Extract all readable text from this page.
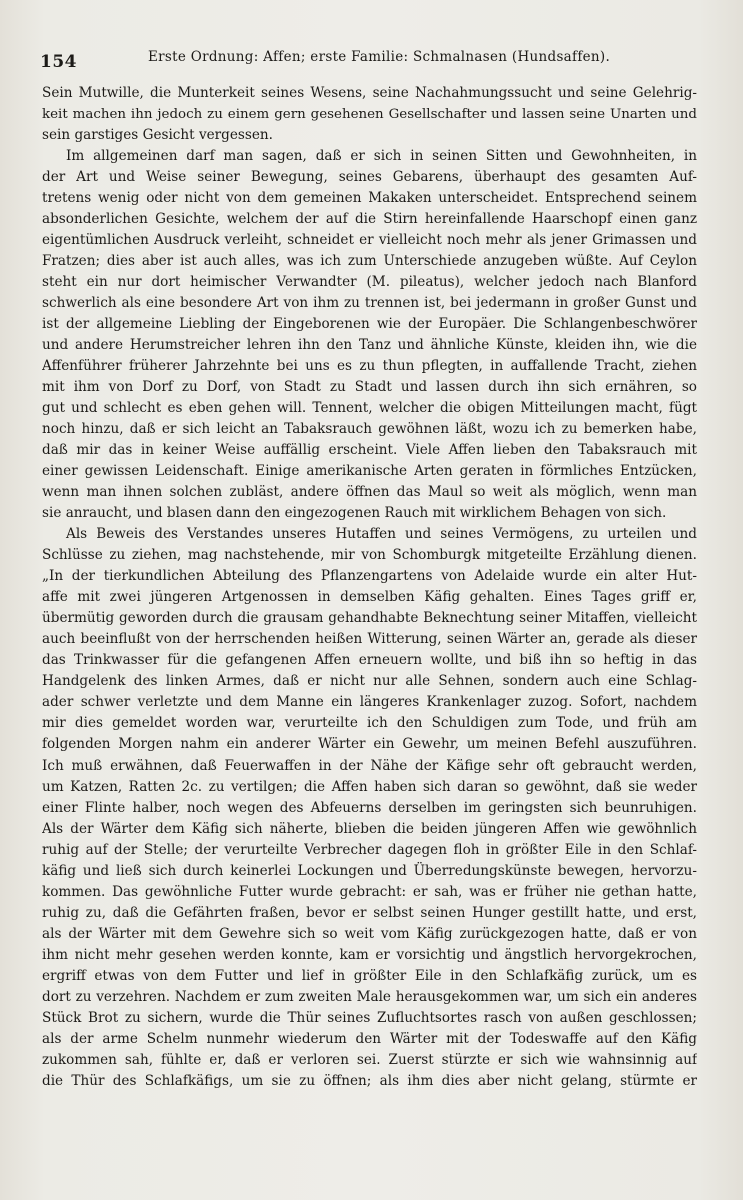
154	Erste Ordnung: Affen; erste Familie: Schmalnasen (Hundsaffen).
Sein Mutwille, die Munterkeit seines Wesens, seine Nachahmungssucht und seine Gelehrig-
keit machen ihn jedoch zu einem gern gesehenen Gesellschafter und lassen seine Unarten und
sein garstiges Gesicht vergessen.
Im allgemeinen darf man sagen, daß er sich in seinen Sitten und Gewohnheiten, in
der Art und Weise seiner Bewegung, seines Gebarens, überhaupt des gesamten Auf-
tretens wenig oder nicht von dem gemeinen Makaken unterscheidet. Entsprechend seinem
absonderlichen Gesichte, welchem der auf die Stirn hereinfallende Haarschopf einen ganz
eigentümlichen Ausdruck verleiht, schneidet er vielleicht noch mehr als jener Grimassen und
Fratzen; dies aber ist auch alles, was ich zum Unterschiede anzugeben wüßte. Auf Ceylon
steht ein nur dort heimischer Verwandter (M. pileatus), welcher jedoch nach Blanford
schwerlich als eine besondere Art von ihm zu trennen ist, bei jedermann in großer Gunst und
ist der allgemeine Liebling der Eingeborenen wie der Europäer. Die Schlangenbeschwörer
und andere Herumstreicher lehren ihn den Tanz und ähnliche Künste, kleiden ihn, wie die
Affenführer früherer Jahrzehnte bei uns es zu thun pflegten, in auffallende Tracht, ziehen
mit ihm von Dorf zu Dorf, von Stadt zu Stadt und lassen durch ihn sich ernähren, so
gut und schlecht es eben gehen will. Tennent, welcher die obigen Mitteilungen macht, fügt
noch hinzu, daß er sich leicht an Tabaksrauch gewöhnen läßt, wozu ich zu bemerken habe,
daß mir das in keiner Weise auffällig erscheint. Viele Affen lieben den Tabaksrauch mit
einer gewissen Leidenschaft. Einige amerikanische Arten geraten in förmliches Entzücken,
wenn man ihnen solchen zubläst, andere öffnen das Maul so weit als möglich, wenn man
sie anraucht, und blasen dann den eingezogenen Rauch mit wirklichem Behagen von sich.
Als Beweis des Verstandes unseres Hutaffen und seines Vermögens, zu urteilen und
Schlüsse zu ziehen, mag nachstehende, mir von Schomburgk mitgeteilte Erzählung dienen.
„In der tierkundlichen Abteilung des Pflanzengartens von Adelaide wurde ein alter Hut-
affe mit zwei jüngeren Artgenossen in demselben Käfig gehalten. Eines Tages griff er,
übermütig geworden durch die grausam gehandhabte Beknechtung seiner Mitaffen, vielleicht
auch beeinflußt von der herrschenden heißen Witterung, seinen Wärter an, gerade als dieser
das Trinkwasser für die gefangenen Affen erneuern wollte, und biß ihn so heftig in das
Handgelenk des linken Armes, daß er nicht nur alle Sehnen, sondern auch eine Schlag-
ader schwer verletzte und dem Manne ein längeres Krankenlager zuzog. Sofort, nachdem
mir dies gemeldet worden war, verurteilte ich den Schuldigen zum Tode, und früh am
folgenden Morgen nahm ein anderer Wärter ein Gewehr, um meinen Befehl auszuführen.
Ich muß erwähnen, daß Feuerwaffen in der Nähe der Käfige sehr oft gebraucht werden,
um Katzen, Ratten 2c. zu vertilgen; die Affen haben sich daran so gewöhnt, daß sie weder
einer Flinte halber, noch wegen des Abfeuerns derselben im geringsten sich beunruhigen.
Als der Wärter dem Käfig sich näherte, blieben die beiden jüngeren Affen wie gewöhnlich
ruhig auf der Stelle; der verurteilte Verbrecher dagegen floh in größter Eile in den Schlaf-
käfig und ließ sich durch keinerlei Lockungen und Überredungskünste bewegen, hervorzu-
kommen. Das gewöhnliche Futter wurde gebracht: er sah, was er früher nie gethan hatte,
ruhig zu, daß die Gefährten fraßen, bevor er selbst seinen Hunger gestillt hatte, und erst,
als der Wärter mit dem Gewehre sich so weit vom Käfig zurückgezogen hatte, daß er von
ihm nicht mehr gesehen werden konnte, kam er vorsichtig und ängstlich hervorgekrochen,
ergriff etwas von dem Futter und lief in größter Eile in den Schlafkäfig zurück, um es
dort zu verzehren. Nachdem er zum zweiten Male herausgekommen war, um sich ein anderes
Stück Brot zu sichern, wurde die Thür seines Zufluchtsortes rasch von außen geschlossen;
als der arme Schelm nunmehr wiederum den Wärter mit der Todeswaffe auf den Käfig
zukommen sah, fühlte er, daß er verloren sei. Zuerst stürzte er sich wie wahnsinnig auf
die Thür des Schlafkäfigs, um sie zu öffnen; als ihm dies aber nicht gelang, stürmte er
